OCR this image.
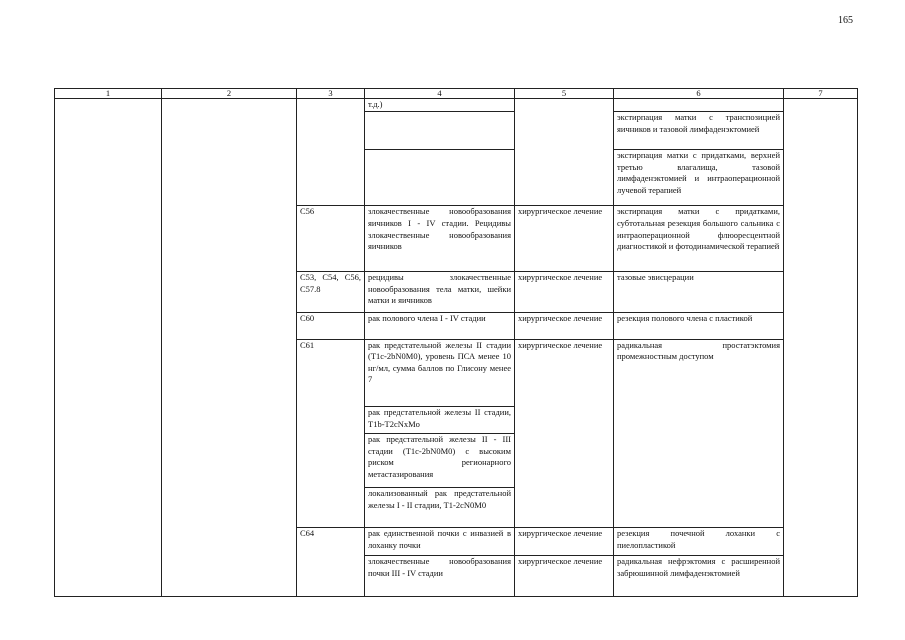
165
1	2	3	4	5	6	7
			т.д.)			
					экстирпация матки с транспозицией яичников и тазовой лимфаденэктомией	
					экстирпация матки с придатками, верхней третью влагалища, тазовой лимфаденэктомией и интраоперационной лучевой терапией	
		C56	злокачественные новообразования яичников I - IV стадии. Рецидивы злокачественные новообразования яичников	хирургическое лечение	экстирпация матки с придатками, субтотальная резекция большого сальника с интраоперационной флюоресцентной диагностикой и фотодинамической терапией	
		C53, C54, C56, C57.8	рецидивы злокачественные новообразования тела матки, шейки матки и яичников	хирургическое лечение	тазовые эвисцерации	
		C60	рак полового члена I - IV стадии	хирургическое лечение	резекция полового члена с пластикой	
		C61	рак предстательной железы II стадии (T1c-2bN0M0), уровень ПСА менее 10 нг/мл, сумма баллов по Глисону менее 7	хирургическое лечение	радикальная простатэктомия промежностным доступом	
			рак предстательной железы II стадии, T1b-T2cNxMo			
			рак предстательной железы II - III стадии (T1c-2bN0M0) с высоким риском регионарного метастазирования			
			локализованный рак предстательной железы I - II стадии, T1-2cN0M0			
		C64	рак единственной почки с инвазией в лоханку почки	хирургическое лечение	резекция почечной лоханки с пиелопластикой	
			злокачественные новообразования почки III - IV стадии	хирургическое лечение	радикальная нефрэктомия с расширенной забрюшинной лимфаденэктомией	
